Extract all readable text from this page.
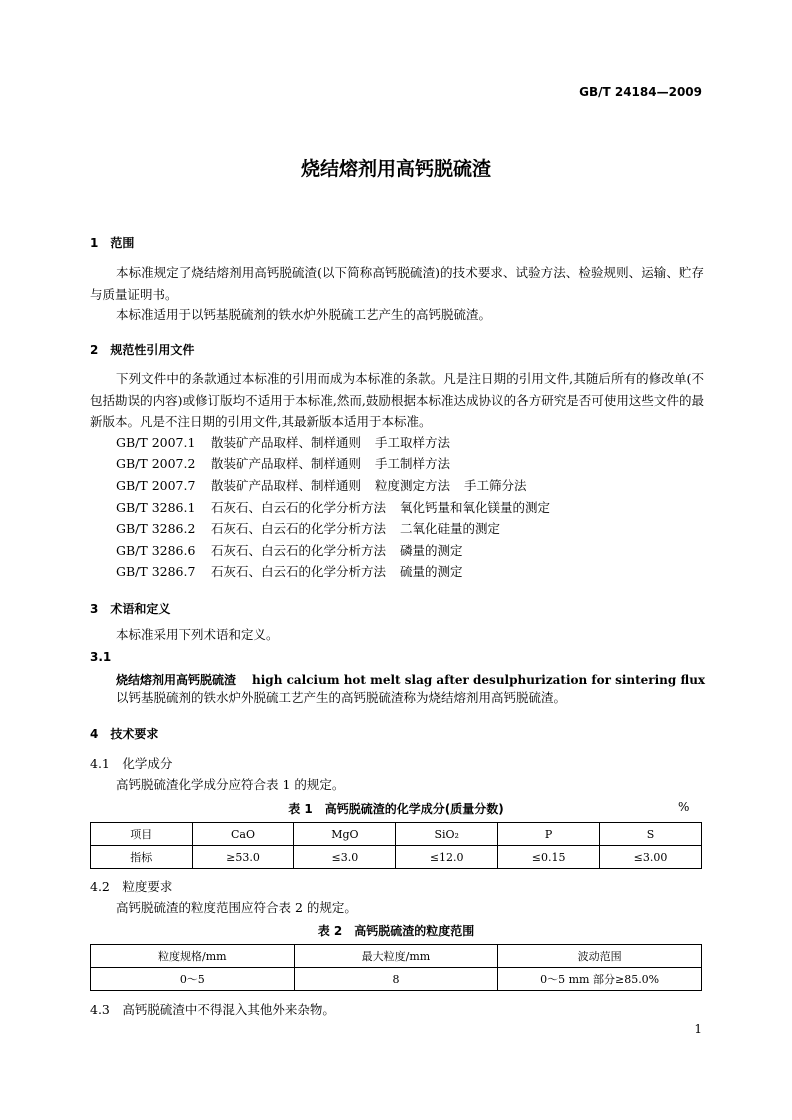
GB/T 24184—2009
烧结熔剂用高钙脱硫渣
1　范围
本标准规定了烧结熔剂用高钙脱硫渣(以下简称高钙脱硫渣)的技术要求、试验方法、检验规则、运输、贮存与质量证明书。
本标准适用于以钙基脱硫剂的铁水炉外脱硫工艺产生的高钙脱硫渣。
2　规范性引用文件
下列文件中的条款通过本标准的引用而成为本标准的条款。凡是注日期的引用文件,其随后所有的修改单(不包括勘误的内容)或修订版均不适用于本标准,然而,鼓励根据本标准达成协议的各方研究是否可使用这些文件的最新版本。凡是不注日期的引用文件,其最新版本适用于本标准。
GB/T 2007.1 散装矿产品取样、制样通则 手工取样方法
GB/T 2007.2 散装矿产品取样、制样通则 手工制样方法
GB/T 2007.7 散装矿产品取样、制样通则 粒度测定方法 手工筛分法
GB/T 3286.1 石灰石、白云石的化学分析方法 氧化钙量和氧化镁量的测定
GB/T 3286.2 石灰石、白云石的化学分析方法 二氧化硅量的测定
GB/T 3286.6 石灰石、白云石的化学分析方法 磷量的测定
GB/T 3286.7 石灰石、白云石的化学分析方法 硫量的测定
3　术语和定义
本标准采用下列术语和定义。
3.1
烧结熔剂用高钙脱硫渣 high calcium hot melt slag after desulphurization for sintering flux
以钙基脱硫剂的铁水炉外脱硫工艺产生的高钙脱硫渣称为烧结熔剂用高钙脱硫渣。
4　技术要求
4.1　化学成分
高钙脱硫渣化学成分应符合表 1 的规定。
表 1　高钙脱硫渣的化学成分(质量分数)	%
项目	CaO	MgO	SiO₂	P	S
指标	≥53.0	≤3.0	≤12.0	≤0.15	≤3.00
4.2　粒度要求
高钙脱硫渣的粒度范围应符合表 2 的规定。
表 2　高钙脱硫渣的粒度范围
粒度规格/mm	最大粒度/mm	波动范围
0～5	8	0～5 mm 部分≥85.0%
4.3　高钙脱硫渣中不得混入其他外来杂物。
1
